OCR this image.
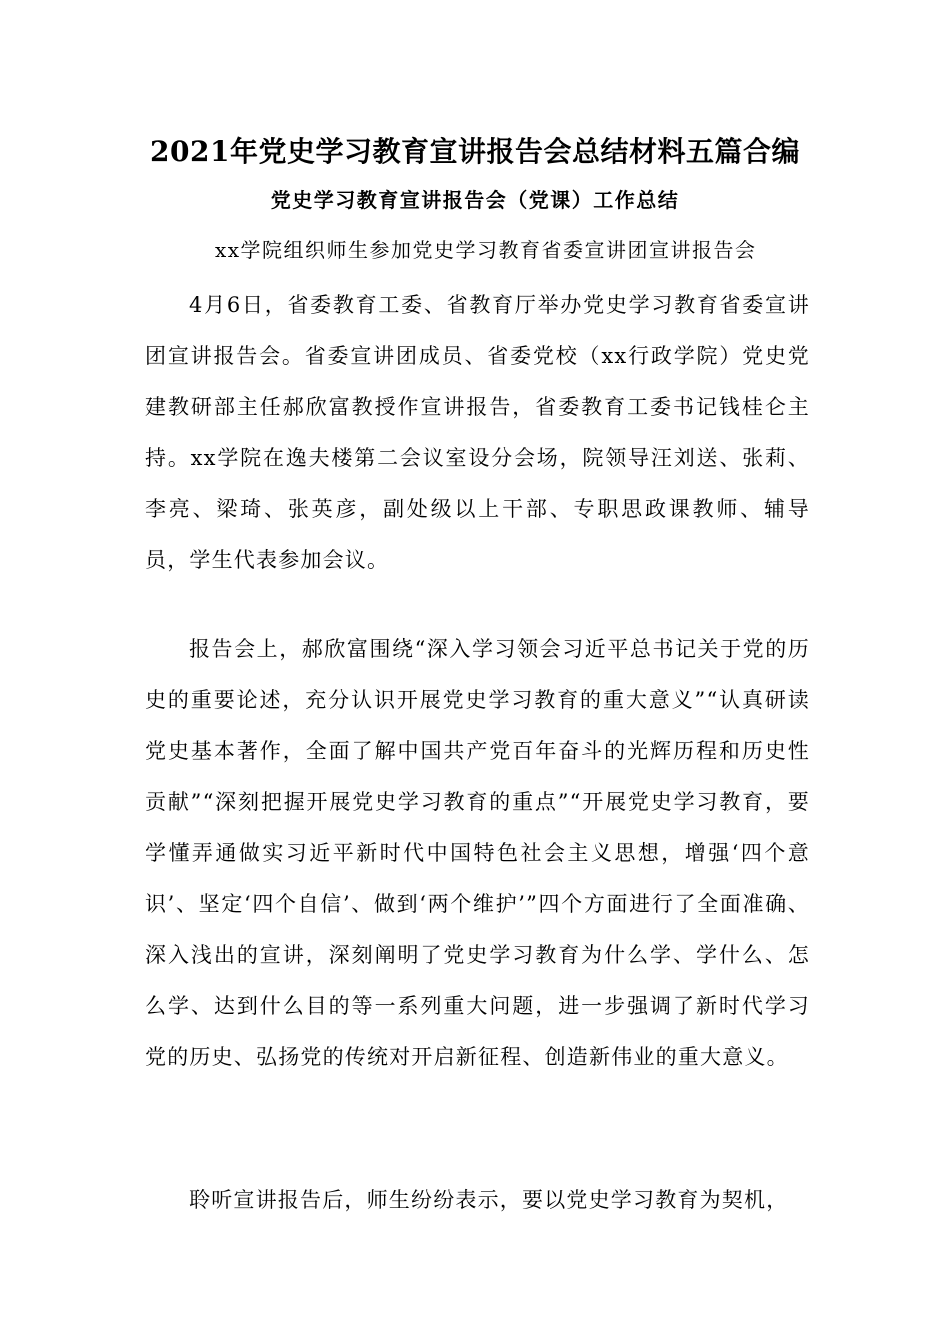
2021年党史学习教育宣讲报告会总结材料五篇合编
党史学习教育宣讲报告会（党课）工作总结
xx学院组织师生参加党史学习教育省委宣讲团宣讲报告会

4月6日，省委教育工委、省教育厅举办党史学习教育省委宣讲团宣讲报告会。省委宣讲团成员、省委党校（xx行政学院）党史党建教研部主任郝欣富教授作宣讲报告，省委教育工委书记钱桂仑主持。xx学院在逸夫楼第二会议室设分会场，院领导汪刘送、张莉、李亮、梁琦、张英彦，副处级以上干部、专职思政课教师、辅导员，学生代表参加会议。

报告会上，郝欣富围绕“深入学习领会习近平总书记关于党的历史的重要论述，充分认识开展党史学习教育的重大意义”“认真研读党史基本著作，全面了解中国共产党百年奋斗的光辉历程和历史性贡献”“深刻把握开展党史学习教育的重点”“开展党史学习教育，要学懂弄通做实习近平新时代中国特色社会主义思想，增强‘四个意识’、坚定‘四个自信’、做到‘两个维护’”四个方面进行了全面准确、深入浅出的宣讲，深刻阐明了党史学习教育为什么学、学什么、怎么学、达到什么目的等一系列重大问题，进一步强调了新时代学习党的历史、弘扬党的传统对开启新征程、创造新伟业的重大意义。

聆听宣讲报告后，师生纷纷表示，要以党史学习教育为契机，
